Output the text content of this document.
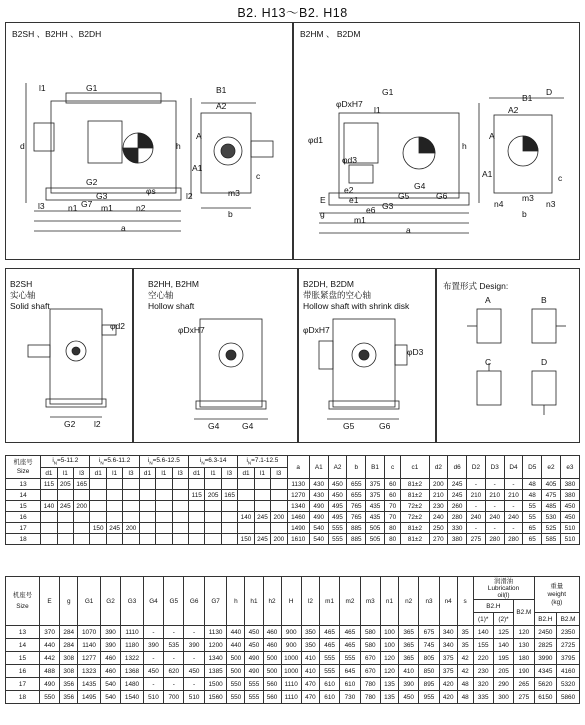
B2. H13～B2. H18
B2SH 、B2HH 、B2DH
l1	G1	B1
a
b
A2
A
h
A1
c
d
G2
G3
G7
φs	m3
l2
l3	n1	m1	n2
B2HM 、 B2DM
φDxH7
G1
B1
D
A2
A
h
A1	c
l1
e2
e1
e6 G3
G5	G6
G4
a
E
g	b
m3
m1
n4	n3
φd1
φd3
B2SH
实心轴
Solid shaft
φd2
l2
G2
B2HH, B2HM
空心轴
Hollow shaft
φDxH7
G4	G4
B2DH, B2DM
带胀紧盘的空心轴
Hollow shaft with shrink disk
φDxH7
φD3
G5	G6
布置形式 Design:
A	B
C	D
机座号
Size	$i_N=5-11.2$			$i_N=5.6-11.2$			$i_N=5.6-12.5$			$i_N=6.3-14$			$i_N=7.1-12.5$			a	A1	A2	b	B1	c	c1	d2	d6	D2	D3	D4	D5	e2	e3
	d1	l1	l3	d1	l1	l3	d1	l1	l3	d1	l1	l3	d1	l1	l3															
13	115	205	165													1130	430	450	655	375	60	81±2	200	245	-	-	-	48	405	380
14										115	205	165				1270	430	450	655	375	60	81±2	210	245	210	210	210	48	475	380
15	140	245	200													1340	490	495	765	435	70	72±2	230	260	-	-	-	55	485	450
16													140	245	200	1460	490	495	765	435	70	72±2	240	280	240	240	240	55	530	450
17				150	245	200										1490	540	555	885	505	80	81±2	250	330	-	-	-	65	525	510
18													150	245	200	1610	540	555	885	505	80	81±2	270	380	275	280	280	65	585	510
机座号
Size	E	g	G1	G2	G3	G4	G5	G6	G7	h	h1	h2	H	l2	m1	m2	m3	n1	n2	n3	n4	s	润滑油
Lubrication
oil(l)			重量
weight
(kg)	
																							B2.H		B2.M		
																							(1)*	(2)*		B2.H	B2.M
13	370	284	1070	390	1110	-	-	-	1130	440	450	460	900	350	465	465	580	100	365	675	340	35	140	125	120	2450	2350
14	440	284	1140	390	1180	390	535	390	1200	440	450	460	900	350	465	465	580	100	365	745	340	35	155	140	130	2825	2725
15	442	308	1277	460	1322	-	-	-	1340	500	490	500	1000	410	555	555	670	120	365	805	375	42	220	195	180	3990	3795
16	488	308	1323	460	1368	450	620	450	1385	500	490	500	1000	410	555	645	670	120	410	850	375	42	230	205	190	4345	4160
17	490	356	1435	540	1480	-	-	-	1500	550	555	560	1110	470	610	610	780	135	390	895	420	48	320	290	265	5620	5320
18	550	356	1495	540	1540	510	700	510	1560	550	555	560	1110	470	610	730	780	135	450	955	420	48	335	300	275	6150	5860
